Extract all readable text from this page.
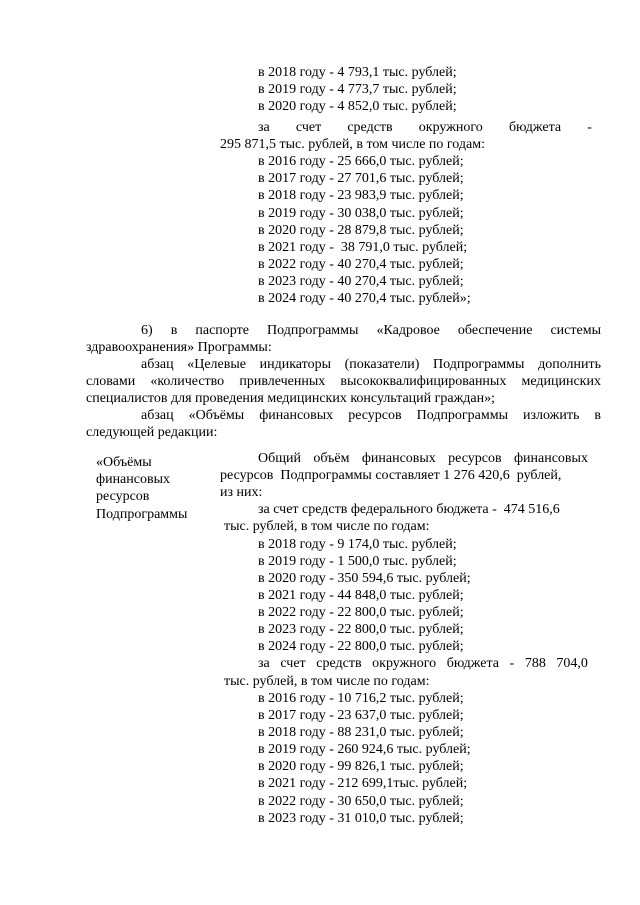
в 2018 году - 4 793,1 тыс. рублей;
в 2019 году - 4 773,7 тыс. рублей;
в 2020 году - 4 852,0 тыс. рублей;
за счет средств окружного бюджета -
295 871,5 тыс. рублей, в том числе по годам:
в 2016 году - 25 666,0 тыс. рублей;
в 2017 году - 27 701,6 тыс. рублей;
в 2018 году - 23 983,9 тыс. рублей;
в 2019 году - 30 038,0 тыс. рублей;
в 2020 году - 28 879,8 тыс. рублей;
в 2021 году -  38 791,0 тыс. рублей;
в 2022 году - 40 270,4 тыс. рублей;
в 2023 году - 40 270,4 тыс. рублей;
в 2024 году - 40 270,4 тыс. рублей»;
6) в паспорте Подпрограммы «Кадровое обеспечение системы
здравоохранения» Программы:
абзац «Целевые индикаторы (показатели) Подпрограммы дополнить
словами «количество привлеченных высококвалифицированных медицинских
специалистов для проведения медицинских консультаций граждан»;
абзац «Объёмы финансовых ресурсов Подпрограммы изложить в
следующей редакции:
«Объёмы
финансовых
ресурсов
Подпрограммы
Общий объём финансовых ресурсов финансовых
ресурсов  Подпрограммы составляет 1 276 420,6  рублей,
из них:
за счет средств федерального бюджета -  474 516,6
тыс. рублей, в том числе по годам:
в 2018 году - 9 174,0 тыс. рублей;
в 2019 году - 1 500,0 тыс. рублей;
в 2020 году - 350 594,6 тыс. рублей;
в 2021 году - 44 848,0 тыс. рублей;
в 2022 году - 22 800,0 тыс. рублей;
в 2023 году - 22 800,0 тыс. рублей;
в 2024 году - 22 800,0 тыс. рублей;
за счет средств окружного бюджета - 788 704,0
тыс. рублей, в том числе по годам:
в 2016 году - 10 716,2 тыс. рублей;
в 2017 году - 23 637,0 тыс. рублей;
в 2018 году - 88 231,0 тыс. рублей;
в 2019 году - 260 924,6 тыс. рублей;
в 2020 году - 99 826,1 тыс. рублей;
в 2021 году - 212 699,1тыс. рублей;
в 2022 году - 30 650,0 тыс. рублей;
в 2023 году - 31 010,0 тыс. рублей;
